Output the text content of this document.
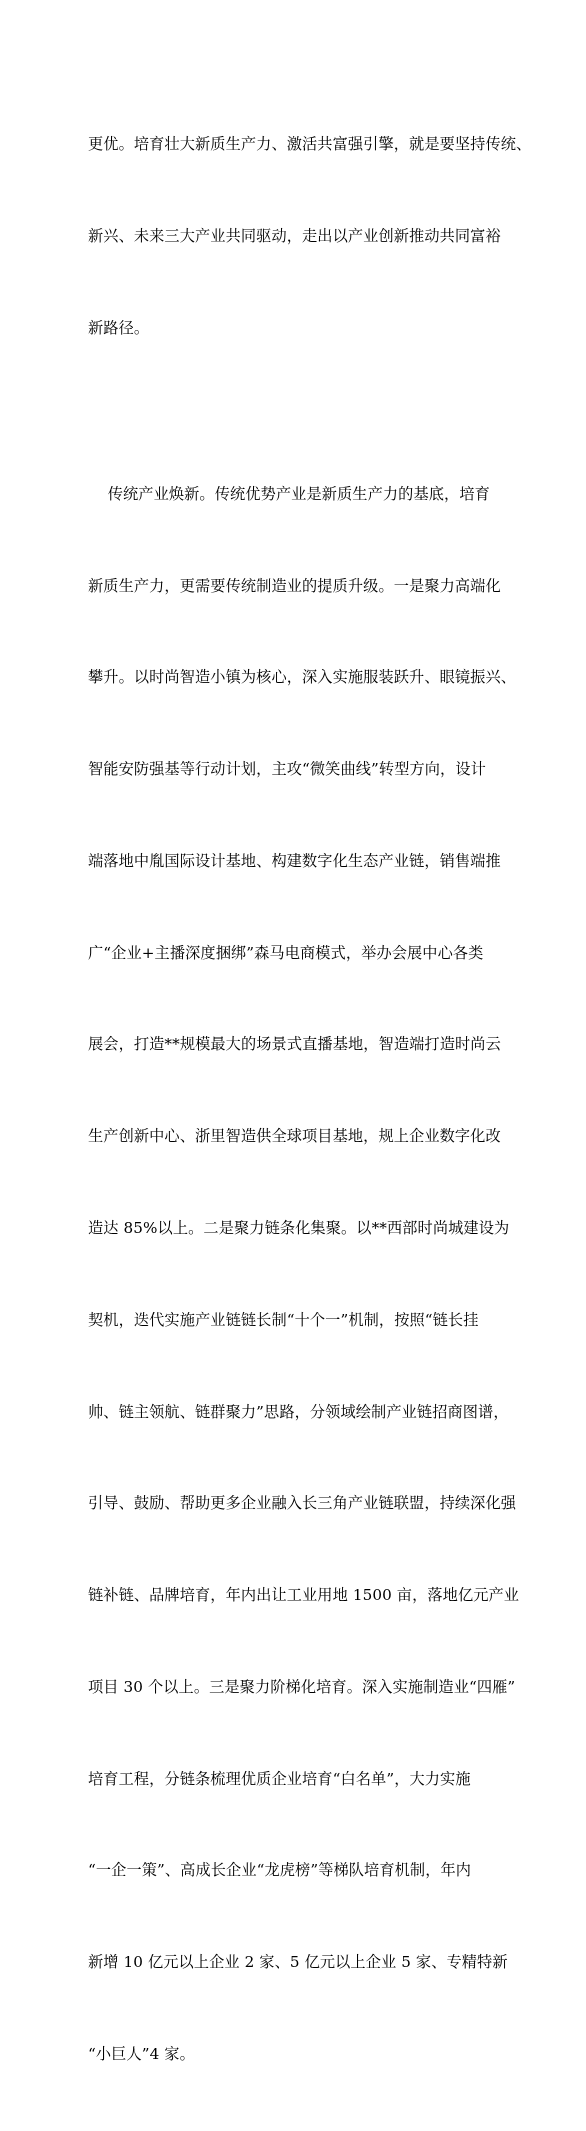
更优。培育壮大新质生产力、激活共富强引擎，就是要坚持传统、

新兴、未来三大产业共同驱动，走出以产业创新推动共同富裕

新路径。

传统产业焕新。传统优势产业是新质生产力的基底，培育

新质生产力，更需要传统制造业的提质升级。一是聚力高端化

攀升。以时尚智造小镇为核心，深入实施服装跃升、眼镜振兴、

智能安防强基等行动计划，主攻“微笑曲线”转型方向，设计

端落地中胤国际设计基地、构建数字化生态产业链，销售端推

广“企业+主播深度捆绑”森马电商模式，举办会展中心各类

展会，打造**规模最大的场景式直播基地，智造端打造时尚云

生产创新中心、浙里智造供全球项目基地，规上企业数字化改

造达 85%以上。二是聚力链条化集聚。以**西部时尚城建设为

契机，迭代实施产业链链长制“十个一”机制，按照“链长挂

帅、链主领航、链群聚力”思路，分领域绘制产业链招商图谱，

引导、鼓励、帮助更多企业融入长三角产业链联盟，持续深化强

链补链、品牌培育，年内出让工业用地 1500 亩，落地亿元产业

项目 30 个以上。三是聚力阶梯化培育。深入实施制造业“四雁”

培育工程，分链条梳理优质企业培育“白名单”，大力实施

“一企一策”、高成长企业“龙虎榜”等梯队培育机制，年内

新增 10 亿元以上企业 2 家、5 亿元以上企业 5 家、专精特新

“小巨人”4 家。
